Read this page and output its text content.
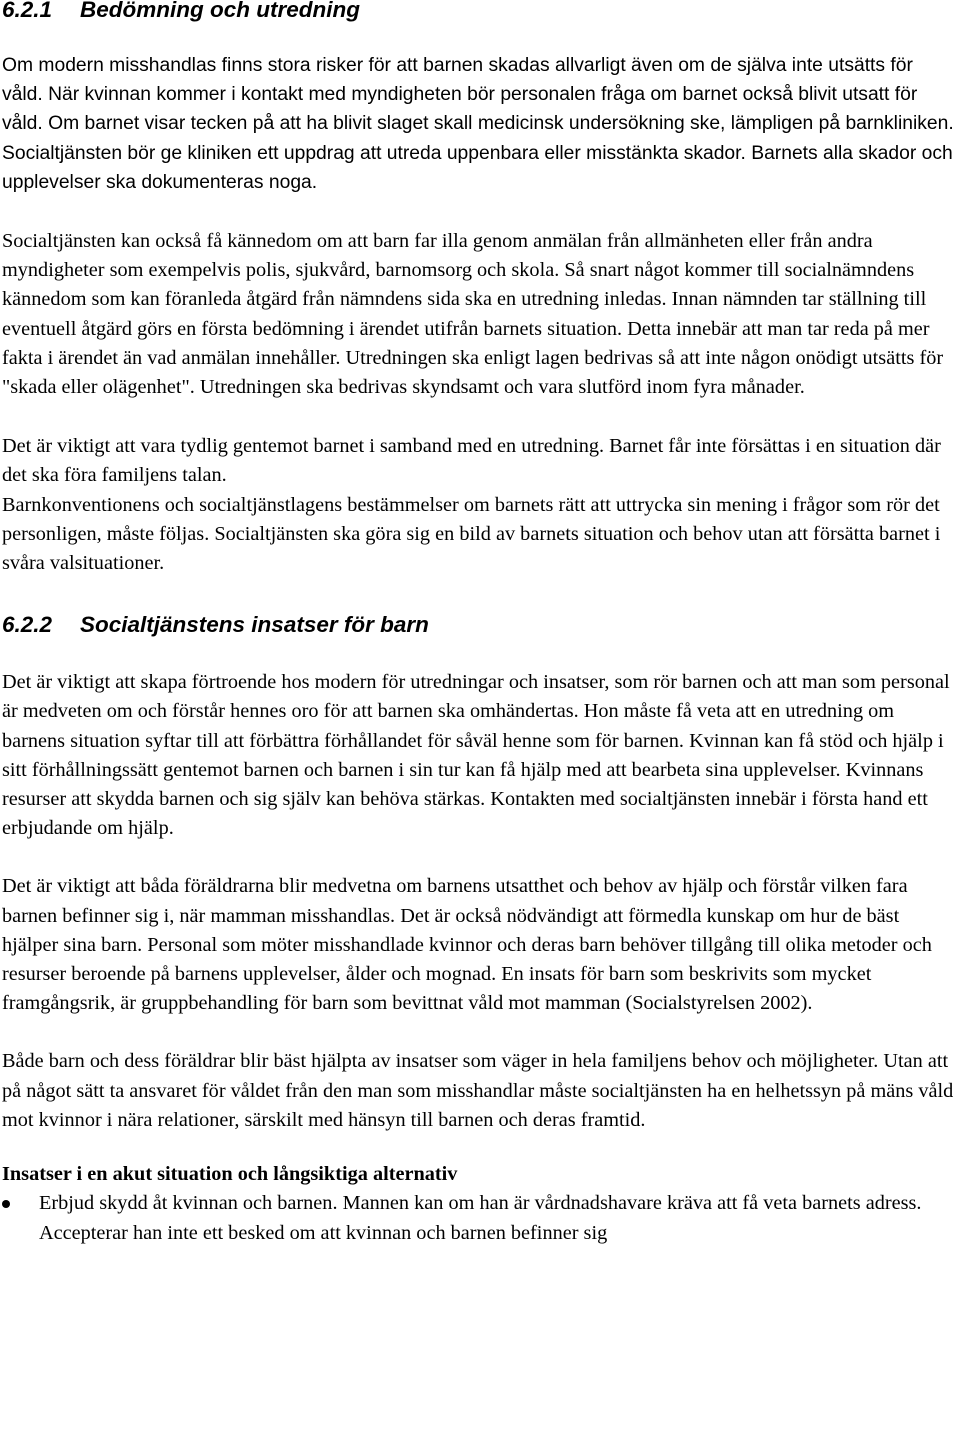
6.2.1 Bedömning och utredning

Om modern misshandlas finns stora risker för att barnen skadas allvarligt även om de själva inte utsätts för våld. När kvinnan kommer i kontakt med myndigheten bör personalen fråga om barnet också blivit utsatt för våld. Om barnet visar tecken på att ha blivit slaget skall medicinsk undersökning ske, lämpligen på barnkliniken. Socialtjänsten bör ge kliniken ett uppdrag att utreda uppenbara eller misstänkta skador. Barnets alla skador och upplevelser ska dokumenteras noga.

Socialtjänsten kan också få kännedom om att barn far illa genom anmälan från allmänheten eller från andra myndigheter som exempelvis polis, sjukvård, barnomsorg och skola. Så snart något kommer till socialnämndens kännedom som kan föranleda åtgärd från nämndens sida ska en utredning inledas. Innan nämnden tar ställning till eventuell åtgärd görs en första bedömning i ärendet utifrån barnets situation. Detta innebär att man tar reda på mer fakta i ärendet än vad anmälan innehåller. Utredningen ska enligt lagen bedrivas så att inte någon onödigt utsätts för "skada eller olägenhet". Utredningen ska bedrivas skyndsamt och vara slutförd inom fyra månader.

Det är viktigt att vara tydlig gentemot barnet i samband med en utredning. Barnet får inte försättas i en situation där det ska föra familjens talan.

Barnkonventionens och socialtjänstlagens bestämmelser om barnets rätt att uttrycka sin mening i frågor som rör det personligen, måste följas. Socialtjänsten ska göra sig en bild av barnets situation och behov utan att försätta barnet i svåra valsituationer.

6.2.2 Socialtjänstens insatser för barn

Det är viktigt att skapa förtroende hos modern för utredningar och insatser, som rör barnen och att man som personal är medveten om och förstår hennes oro för att barnen ska omhändertas. Hon måste få veta att en utredning om barnens situation syftar till att förbättra förhållandet för såväl henne som för barnen. Kvinnan kan få stöd och hjälp i sitt förhållningssätt gentemot barnen och barnen i sin tur kan få hjälp med att bearbeta sina upplevelser. Kvinnans resurser att skydda barnen och sig själv kan behöva stärkas. Kontakten med socialtjänsten innebär i första hand ett erbjudande om hjälp.

Det är viktigt att båda föräldrarna blir medvetna om barnens utsatthet och behov av hjälp och förstår vilken fara barnen befinner sig i, när mamman misshandlas. Det är också nödvändigt att förmedla kunskap om hur de bäst hjälper sina barn. Personal som möter misshandlade kvinnor och deras barn behöver tillgång till olika metoder och resurser beroende på barnens upplevelser, ålder och mognad. En insats för barn som beskrivits som mycket framgångsrik, är gruppbehandling för barn som bevittnat våld mot mamman (Socialstyrelsen 2002).

Både barn och dess föräldrar blir bäst hjälpta av insatser som väger in hela familjens behov och möjligheter. Utan att på något sätt ta ansvaret för våldet från den man som misshandlar måste socialtjänsten ha en helhetssyn på mäns våld mot kvinnor i nära relationer, särskilt med hänsyn till barnen och deras framtid.

Insatser i en akut situation och långsiktiga alternativ
Erbjud skydd åt kvinnan och barnen. Mannen kan om han är vårdnadshavare kräva att få veta barnets adress. Accepterar han inte ett besked om att kvinnan och barnen befinner sig
